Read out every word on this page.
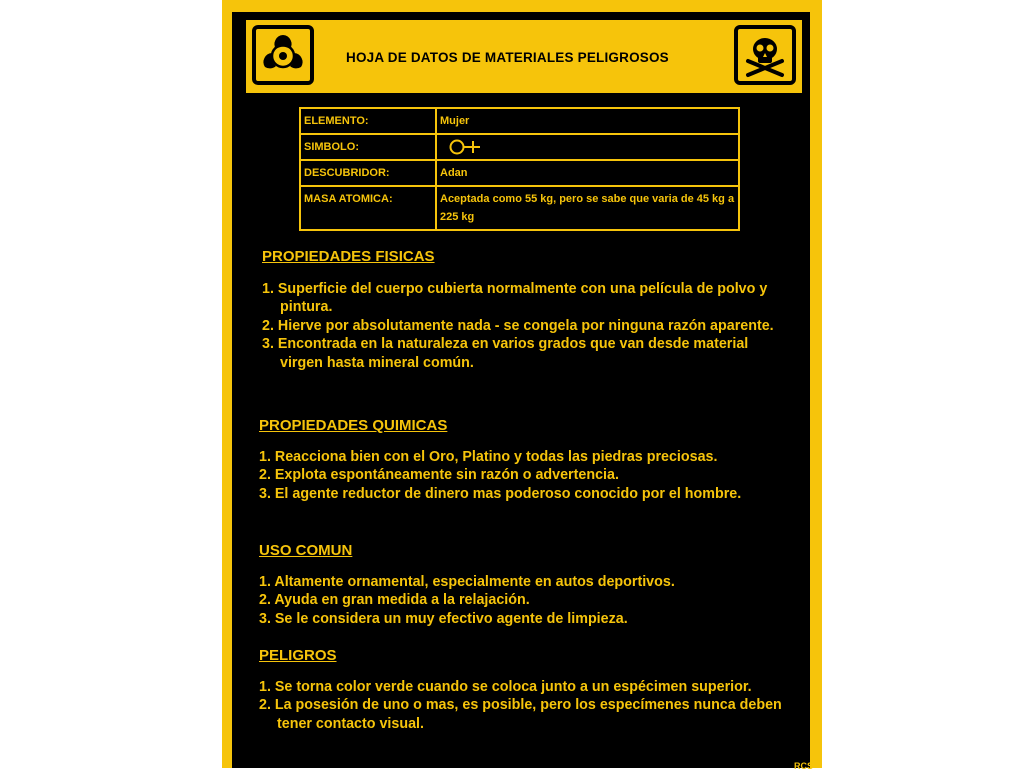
HOJA DE DATOS DE MATERIALES PELIGROSOS
ELEMENTO:	Mujer
SIMBOLO:	

DESCUBRIDOR:	Adan
MASA ATOMICA:	Aceptada como 55 kg, pero se sabe que varia de 45 kg a 225 kg
PROPIEDADES FISICAS
1. Superficie del cuerpo cubierta normalmente con una película de polvo y pintura.
2. Hierve por absolutamente nada - se congela por ninguna razón aparente.
3. Encontrada en la naturaleza en varios grados que van desde material virgen hasta mineral común.
PROPIEDADES QUIMICAS
1. Reacciona bien con el Oro, Platino y todas las piedras preciosas.
2. Explota espontáneamente sin razón o advertencia.
3. El agente reductor de dinero mas poderoso conocido por el hombre.
USO COMUN
1. Altamente ornamental, especialmente en autos deportivos.
2. Ayuda en gran medida a la relajación.
3. Se le considera un muy efectivo agente de limpieza.
PELIGROS
1. Se torna color verde cuando se coloca junto a un espécimen superior.
2. La posesión de uno o mas, es posible, pero los especímenes nunca deben tener contacto visual.
RCS
